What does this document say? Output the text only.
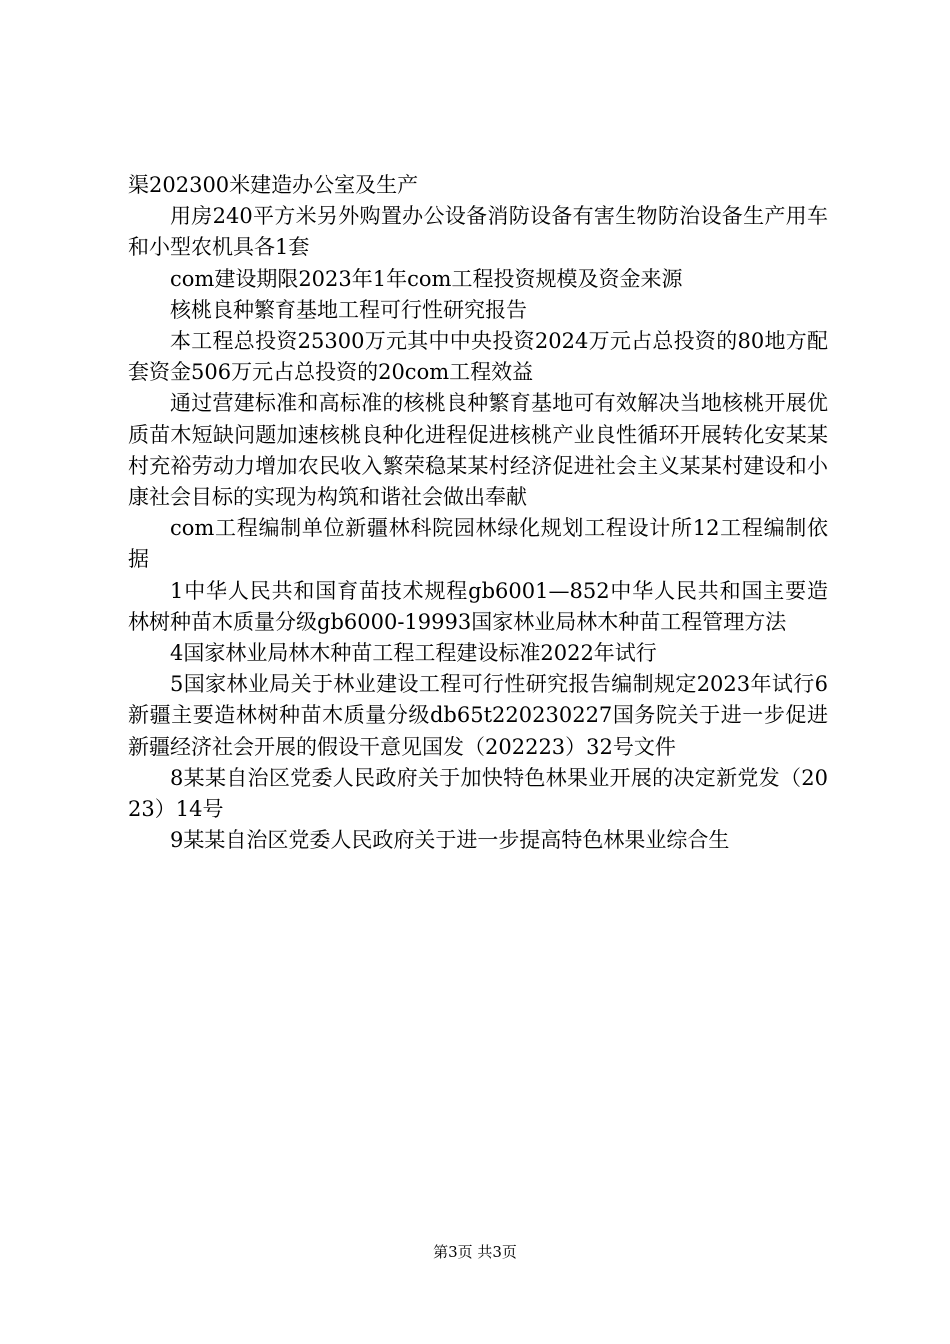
渠202300米建造办公室及生产

用房240平方米另外购置办公设备消防设备有害生物防治设备生产用车和小型农机具各1套

com建设期限2023年1年com工程投资规模及资金来源

核桃良种繁育基地工程可行性研究报告

本工程总投资25300万元其中中央投资2024万元占总投资的80地方配套资金506万元占总投资的20com工程效益

通过营建标准和高标准的核桃良种繁育基地可有效解决当地核桃开展优质苗木短缺问题加速核桃良种化进程促进核桃产业良性循环开展转化安某某村充裕劳动力增加农民收入繁荣稳某某村经济促进社会主义某某村建设和小康社会目标的实现为构筑和谐社会做出奉献

com工程编制单位新疆林科院园林绿化规划工程设计所12工程编制依据

1中华人民共和国育苗技术规程gb6001—852中华人民共和国主要造林树种苗木质量分级gb6000-19993国家林业局林木种苗工程管理方法

4国家林业局林木种苗工程工程建设标准2022年试行

5国家林业局关于林业建设工程可行性研究报告编制规定2023年试行6新疆主要造林树种苗木质量分级db65t220230227国务院关于进一步促进新疆经济社会开展的假设干意见国发（202223）32号文件

8某某自治区党委人民政府关于加快特色林果业开展的决定新党发（2023）14号

9某某自治区党委人民政府关于进一步提高特色林果业综合生

第3页 共3页
